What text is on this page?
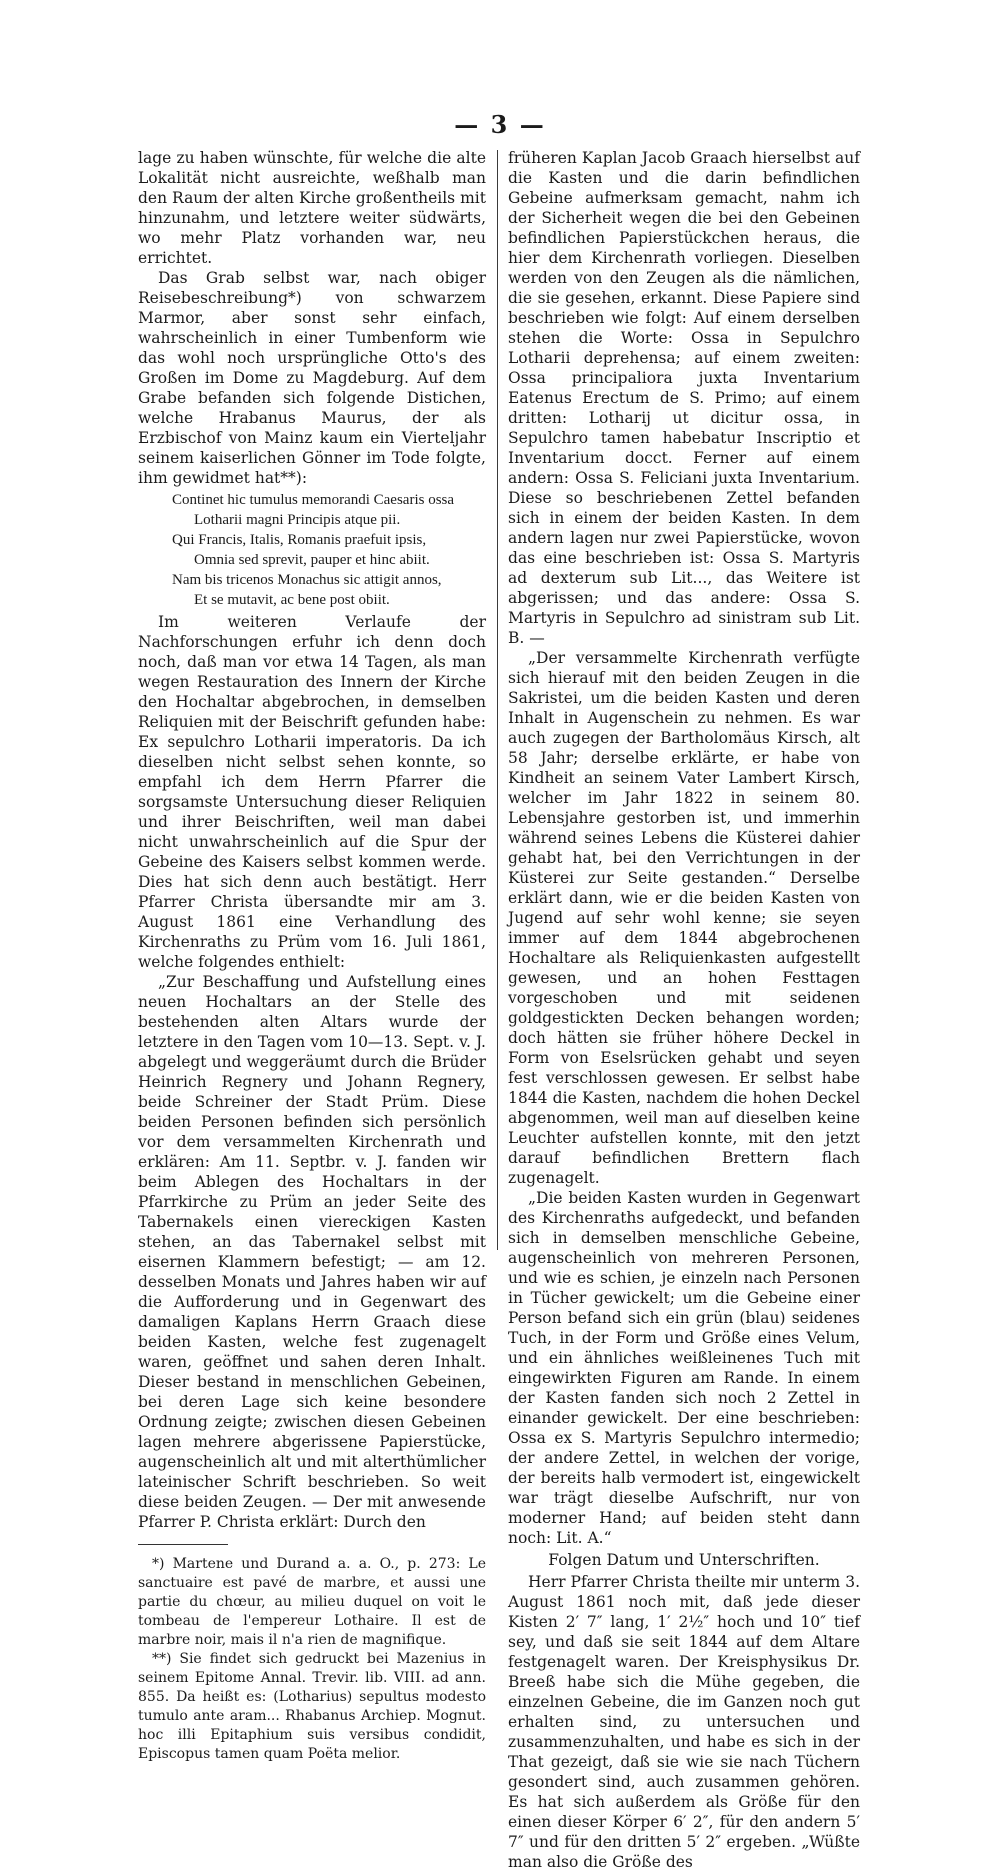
— 3 —

lage zu haben wünschte, für welche die alte Lokalität nicht ausreichte, weßhalb man den Raum der alten Kirche großentheils mit hinzunahm, und letztere weiter südwärts, wo mehr Platz vorhanden war, neu errichtet.

Das Grab selbst war, nach obiger Reisebeschreibung*) von schwarzem Marmor, aber sonst sehr einfach, wahrscheinlich in einer Tumbenform wie das wohl noch ursprüngliche Otto's des Großen im Dome zu Magdeburg. Auf dem Grabe befanden sich folgende Distichen, welche Hrabanus Maurus, der als Erzbischof von Mainz kaum ein Vierteljahr seinem kaiserlichen Gönner im Tode folgte, ihm gewidmet hat**):

Continet hic tumulus memorandi Caesaris ossa
Lotharii magni Principis atque pii.
Qui Francis, Italis, Romanis praefuit ipsis,
Omnia sed sprevit, pauper et hinc abiit.
Nam bis tricenos Monachus sic attigit annos,
Et se mutavit, ac bene post obiit.

Im weiteren Verlaufe der Nachforschungen erfuhr ich denn doch noch, daß man vor etwa 14 Tagen, als man wegen Restauration des Innern der Kirche den Hochaltar abgebrochen, in demselben Reliquien mit der Beischrift gefunden habe: Ex sepulchro Lotharii imperatoris. Da ich dieselben nicht selbst sehen konnte, so empfahl ich dem Herrn Pfarrer die sorgsamste Untersuchung dieser Reliquien und ihrer Beischriften, weil man dabei nicht unwahrscheinlich auf die Spur der Gebeine des Kaisers selbst kommen werde. Dies hat sich denn auch bestätigt. Herr Pfarrer Christa übersandte mir am 3. August 1861 eine Verhandlung des Kirchenraths zu Prüm vom 16. Juli 1861, welche folgendes enthielt:

„Zur Beschaffung und Aufstellung eines neuen Hochaltars an der Stelle des bestehenden alten Altars wurde der letztere in den Tagen vom 10—13. Sept. v. J. abgelegt und weggeräumt durch die Brüder Heinrich Regnery und Johann Regnery, beide Schreiner der Stadt Prüm. Diese beiden Personen befinden sich persönlich vor dem versammelten Kirchenrath und erklären: Am 11. Septbr. v. J. fanden wir beim Ablegen des Hochaltars in der Pfarrkirche zu Prüm an jeder Seite des Tabernakels einen viereckigen Kasten stehen, an das Tabernakel selbst mit eisernen Klammern befestigt; — am 12. desselben Monats und Jahres haben wir auf die Aufforderung und in Gegenwart des damaligen Kaplans Herrn Graach diese beiden Kasten, welche fest zugenagelt waren, geöffnet und sahen deren Inhalt. Dieser bestand in menschlichen Gebeinen, bei deren Lage sich keine besondere Ordnung zeigte; zwischen diesen Gebeinen lagen mehrere abgerissene Papierstücke, augenscheinlich alt und mit alterthümlicher lateinischer Schrift beschrieben. So weit diese beiden Zeugen. — Der mit anwesende Pfarrer P. Christa erklärt: Durch den

*) Martene und Durand a. a. O., p. 273: Le sanctuaire est pavé de marbre, et aussi une partie du chœur, au milieu duquel on voit le tombeau de l'empereur Lothaire. Il est de marbre noir, mais il n'a rien de magnifique.

**) Sie findet sich gedruckt bei Mazenius in seinem Epitome Annal. Trevir. lib. VIII. ad ann. 855. Da heißt es: (Lotharius) sepultus modesto tumulo ante aram... Rhabanus Archiep. Mognut. hoc illi Epitaphium suis versibus condidit, Episcopus tamen quam Poëta melior.

früheren Kaplan Jacob Graach hierselbst auf die Kasten und die darin befindlichen Gebeine aufmerksam gemacht, nahm ich der Sicherheit wegen die bei den Gebeinen befindlichen Papierstückchen heraus, die hier dem Kirchenrath vorliegen. Dieselben werden von den Zeugen als die nämlichen, die sie gesehen, erkannt. Diese Papiere sind beschrieben wie folgt: Auf einem derselben stehen die Worte: Ossa in Sepulchro Lotharii deprehensa; auf einem zweiten: Ossa principaliora juxta Inventarium Eatenus Erectum de S. Primo; auf einem dritten: Lotharij ut dicitur ossa, in Sepulchro tamen habebatur Inscriptio et Inventarium docct. Ferner auf einem andern: Ossa S. Feliciani juxta Inventarium. Diese so beschriebenen Zettel befanden sich in einem der beiden Kasten. In dem andern lagen nur zwei Papierstücke, wovon das eine beschrieben ist: Ossa S. Martyris ad dexterum sub Lit..., das Weitere ist abgerissen; und das andere: Ossa S. Martyris in Sepulchro ad sinistram sub Lit. B. —

„Der versammelte Kirchenrath verfügte sich hierauf mit den beiden Zeugen in die Sakristei, um die beiden Kasten und deren Inhalt in Augenschein zu nehmen. Es war auch zugegen der Bartholomäus Kirsch, alt 58 Jahr; derselbe erklärte, er habe von Kindheit an seinem Vater Lambert Kirsch, welcher im Jahr 1822 in seinem 80. Lebensjahre gestorben ist, und immerhin während seines Lebens die Küsterei dahier gehabt hat, bei den Verrichtungen in der Küsterei zur Seite gestanden.“ Derselbe erklärt dann, wie er die beiden Kasten von Jugend auf sehr wohl kenne; sie seyen immer auf dem 1844 abgebrochenen Hochaltare als Reliquienkasten aufgestellt gewesen, und an hohen Festtagen vorgeschoben und mit seidenen goldgestickten Decken behangen worden; doch hätten sie früher höhere Deckel in Form von Eselsrücken gehabt und seyen fest verschlossen gewesen. Er selbst habe 1844 die Kasten, nachdem die hohen Deckel abgenommen, weil man auf dieselben keine Leuchter aufstellen konnte, mit den jetzt darauf befindlichen Brettern flach zugenagelt.

„Die beiden Kasten wurden in Gegenwart des Kirchenraths aufgedeckt, und befanden sich in demselben menschliche Gebeine, augenscheinlich von mehreren Personen, und wie es schien, je einzeln nach Personen in Tücher gewickelt; um die Gebeine einer Person befand sich ein grün (blau) seidenes Tuch, in der Form und Größe eines Velum, und ein ähnliches weißleinenes Tuch mit eingewirkten Figuren am Rande. In einem der Kasten fanden sich noch 2 Zettel in einander gewickelt. Der eine beschrieben: Ossa ex S. Martyris Sepulchro intermedio; der andere Zettel, in welchen der vorige, der bereits halb vermodert ist, eingewickelt war trägt dieselbe Aufschrift, nur von moderner Hand; auf beiden steht dann noch: Lit. A.“

Folgen Datum und Unterschriften.

Herr Pfarrer Christa theilte mir unterm 3. August 1861 noch mit, daß jede dieser Kisten 2′ 7″ lang, 1′ 2½″ hoch und 10″ tief sey, und daß sie seit 1844 auf dem Altare festgenagelt waren. Der Kreisphysikus Dr. Breeß habe sich die Mühe gegeben, die einzelnen Gebeine, die im Ganzen noch gut erhalten sind, zu untersuchen und zusammenzuhalten, und habe es sich in der That gezeigt, daß sie wie sie nach Tüchern gesondert sind, auch zusammen gehören. Es hat sich außerdem als Größe für den einen dieser Körper 6′ 2″, für den andern 5′ 7″ und für den dritten 5′ 2″ ergeben. „Wüßte man also die Größe des
